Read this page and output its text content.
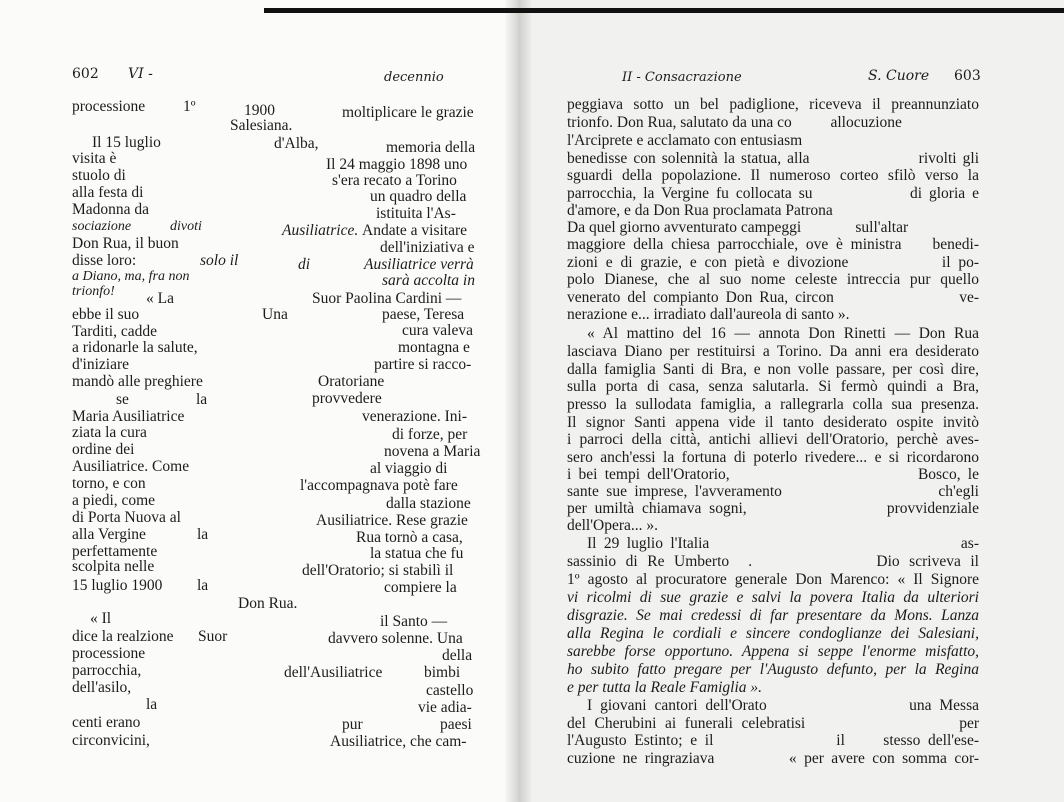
602 VI -	decennio	II - Consacrazione	S. Cuore 603
processione
Il 15 luglio
visita è
stuolo di
alla festa di
Madonna da
sociazione
Don Rua, il buon
disse loro:
a Diano, ma, fra non
trionfo! « La
ebbe il suo
Tarditi, cadde
a ridonarle la salute,
d'iniziare
mandò alle preghiere
se
Maria Ausiliatrice
ziata la cura
ordine dei
Ausiliatrice. Come
torno, e con
a piedi, come
di Porta Nuova al
alla Vergine
perfettamente
scolpita nelle
15 luglio 1900
« Il
dice la realzione
processione
parrocchia,
dell'asilo,
la
centi erano
circonvicini,
1º
divoti
solo il
la
Una
la
la
Suor
1900	moltiplicare le grazie
Salesiana.
d'Alba,	memoria della
Il 24 maggio 1898 uno
s'era recato a Torino
un quadro della
istituita l'As-
Ausiliatrice. Andate a visitare
dell'iniziativa e
di	Ausiliatrice verrà
sarà accolta in
Suor Paolina Cardini —
paese, Teresa
cura valeva
montagna e
partire si racco-
Oratoriane
provvedere
venerazione. Ini-
di forze, per
novena a Maria
al viaggio di
l'accompagnava potè fare
dalla stazione
Ausiliatrice. Rese grazie
Rua tornò a casa,
la statua che fu
dell'Oratorio; si stabilì il
compiere la
Don Rua.
il Santo —
davvero solenne. Una
della
dell'Ausiliatrice	bimbi
castello
vie adia-
pur	paesi
Ausiliatrice, che cam-
peggiava sotto un bel padiglione, riceveva il preannunziato
trionfo. Don Rua, salutato da una co          allocuzione
l'Arciprete e acclamato con entusiasm
benedisse con solennità la statua, alla                  rivolti gli
sguardi della popolazione. Il numeroso corteo sfilò verso la
parrocchia, la Vergine fu collocata su              di gloria e
d'amore, e da Don Rua proclamata Patrona
Da quel giorno avventurato campeggi              sull'altar
maggiore della chiesa parrocchiale, ove è ministra    benedi-
zioni e di grazie, e con pietà e divozione            il po-
polo Dianese, che al suo nome celeste intreccia pur quello
venerato del compianto Don Rua, circon                  ve-
nerazione e... irradiato dall'aureola di santo ».
« Al mattino del 16 — annota Don Rinetti — Don Rua
lasciava Diano per restituirsi a Torino. Da anni era desiderato
dalla famiglia Santi di Bra, e non volle passare, per così dire,
sulla porta di casa, senza salutarla. Si fermò quindi a Bra,
presso la sullodata famiglia, a rallegrarla colla sua presenza.
Il signor Santi appena vide il tanto desiderato ospite invitò
i parroci della città, antichi allievi dell'Oratorio, perchè aves-
sero anch'essi la fortuna di poterlo rivedere... e si ricordarono
i bei tempi dell'Oratorio,                          Bosco, le
sante sue imprese, l'avveramento                     ch'egli
per umiltà chiamava sogni,                  provvidenziale
dell'Opera... ».
Il 29 luglio l'Italia                                  as-
sassinio di Re Umberto  .             Dio scriveva il
1º agosto al procuratore generale Don Marenco: « Il Signore
vi ricolmi di sue grazie e salvi la povera Italia da ulteriori
disgrazie. Se mai credessi di far presentare da Mons. Lanza
alla Regina le cordiali e sincere condoglianze dei Salesiani,
sarebbe forse opportuno. Appena si seppe l'enorme misfatto,
ho subito fatto pregare per l'Augusto defunto, per la Regina
e per tutta la Reale Famiglia ».
I giovani cantori dell'Orato                  una Messa
del Cherubini ai funerali celebratisi                  per
l'Augusto Estinto; e il                il     stesso dell'ese-
cuzione ne ringraziava          « per avere con somma cor-
